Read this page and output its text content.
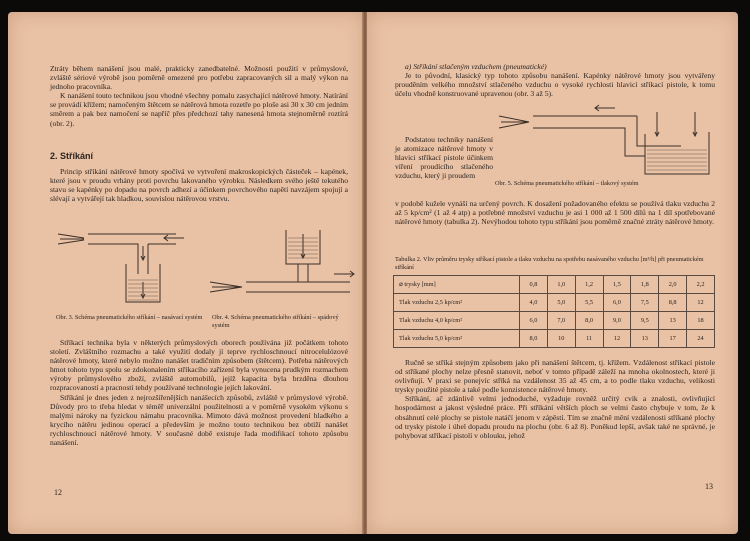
Ztráty během nanášení jsou malé, prakticky zanedbatelné. Možnosti použití v průmyslové, zvláště sériové výrobě jsou poměrně omezené pro potřebu zapracovaných sil a malý výkon na jednoho pracovníka.

K nanášení touto technikou jsou vhodné všechny pomalu zasychající nátěrové hmoty. Natírání se provádí křížem; namočeným štětcem se nátěrová hmota rozetře po ploše asi 30 x 30 cm jedním směrem a pak bez namočení se napříč přes předchozí tahy nanesená hmota stejnoměrně roztírá (obr. 2).

2. Stříkání

Princip stříkání nátěrové hmoty spočívá ve vytvoření makroskopických částeček – kapének, které jsou v proudu vrhány proti povrchu lakovaného výrobku. Následkem svého ještě tekutého stavu se kapénky po dopadu na povrch adhezí a účinkem povrchového napětí navzájem spojují a slévají a vytvářejí tak hladkou, souvislou nátěrovou vrstvu.

Obr. 3. Schéma pneumatického stříkání – nasávací systém	Obr. 4. Schéma pneumatického stříkání – spádový systém

Stříkací technika byla v některých průmyslových oborech používána již počátkem tohoto století. Zvláštního rozmachu a také využití dodaly jí teprve rychloschnoucí nitrocelulózové nátěrové hmoty, které nebylo možno nanášet tradičním způsobem (štětcem). Potřeba nátěrových hmot tohoto typu spolu se zdokonalením stříkacího zařízení byla vynucena prudkým rozmachem výroby průmyslového zboží, zvláště automobilů, jejíž kapacita byla brzděna dlouhou rozpracovaností a pracností tehdy používané technologie jejích lakování.

Stříkání je dnes jeden z nejrozšířenějších nanášecích způsobů, zvláště v průmyslové výrobě. Důvody pro to třeba hledat v téměř univerzální použitelnosti a v poměrně vysokém výkonu s malými nároky na fyzickou námahu pracovníka. Mimoto dává možnost provedení hladkého a krycího nátěru jedinou operací a především je možno touto technikou bez obtíží nanášet rychloschnoucí nátěrové hmoty. V současné době existuje řada modifikací tohoto způsobu nanášení.

12

a) Stříkání stlačeným vzduchem (pneumatické)

Je to původní, klasický typ tohoto způsobu nanášení. Kapénky nátěrové hmoty jsou vytvářeny prouděním velkého množství stlačeného vzduchu o vysoké rychlosti hlavicí stříkací pistole, k tomu účelu vhodně konstruované upravenou (obr. 3 až 5).

Podstatou techniky nanášení je atomizace nátěrové hmoty v hlavici stříkací pistole účinkem víření proudícího stlačeného vzduchu, který ji proudem

Obr. 5. Schéma pneumatického stříkání – tlakový systém

v podobě kužele vynáší na určený povrch. K dosažení požadovaného efektu se používá tlaku vzduchu 2 až 5 kp/cm² (1 až 4 atp) a potřebné množství vzduchu je asi 1 000 až 1 500 dílů na 1 díl spotřebované nátěrové hmoty (tabulka 2). Nevýhodou tohoto typu stříkání jsou poměrně značné ztráty nátěrové hmoty.

Tabulka 2. Vliv průměru trysky stříkací pistole a tlaku vzduchu na spotřebu nasávaného vzduchu [m³/h] při pneumatickém stříkání
⌀ trysky [mm]	0,8	1,0	1,2	1,5	1,8	2,0	2,2
Tlak vzduchu 2,5 kp/cm²	4,0	5,0	5,5	6,0	7,5	8,8	12
Tlak vzduchu 4,0 kp/cm²	6,0	7,0	8,0	9,0	9,5	13	18
Tlak vzduchu 5,0 kp/cm²	8,0	10	11	12	13	17	24

Ručně se stříká stejným způsobem jako při nanášení štětcem, tj. křížem. Vzdálenost stříkací pistole od stříkané plochy nelze přesně stanovit, neboť v tomto případě záleží na mnoha okolnostech, které ji ovlivňují. V praxi se ponejvíc stříká na vzdálenost 35 až 45 cm, a to podle tlaku vzduchu, velikosti trysky použité pistole a také podle konzistence nátěrové hmoty.

Stříkání, ač zdánlivě velmi jednoduché, vyžaduje rovněž určitý cvik a znalosti, ovlivňující hospodárnost a jakost výsledné práce. Při stříkání větších ploch se velmi často chybuje v tom, že k obsáhnutí celé plochy se pistole natáčí jenom v zápěstí. Tím se značně mění vzdálenosti stříkané plochy od trysky pistole i úhel dopadu proudu na plochu (obr. 6 až 8). Poněkud lepší, avšak také ne správné, je pohybovat stříkací pistolí v oblouku, jehož

13
